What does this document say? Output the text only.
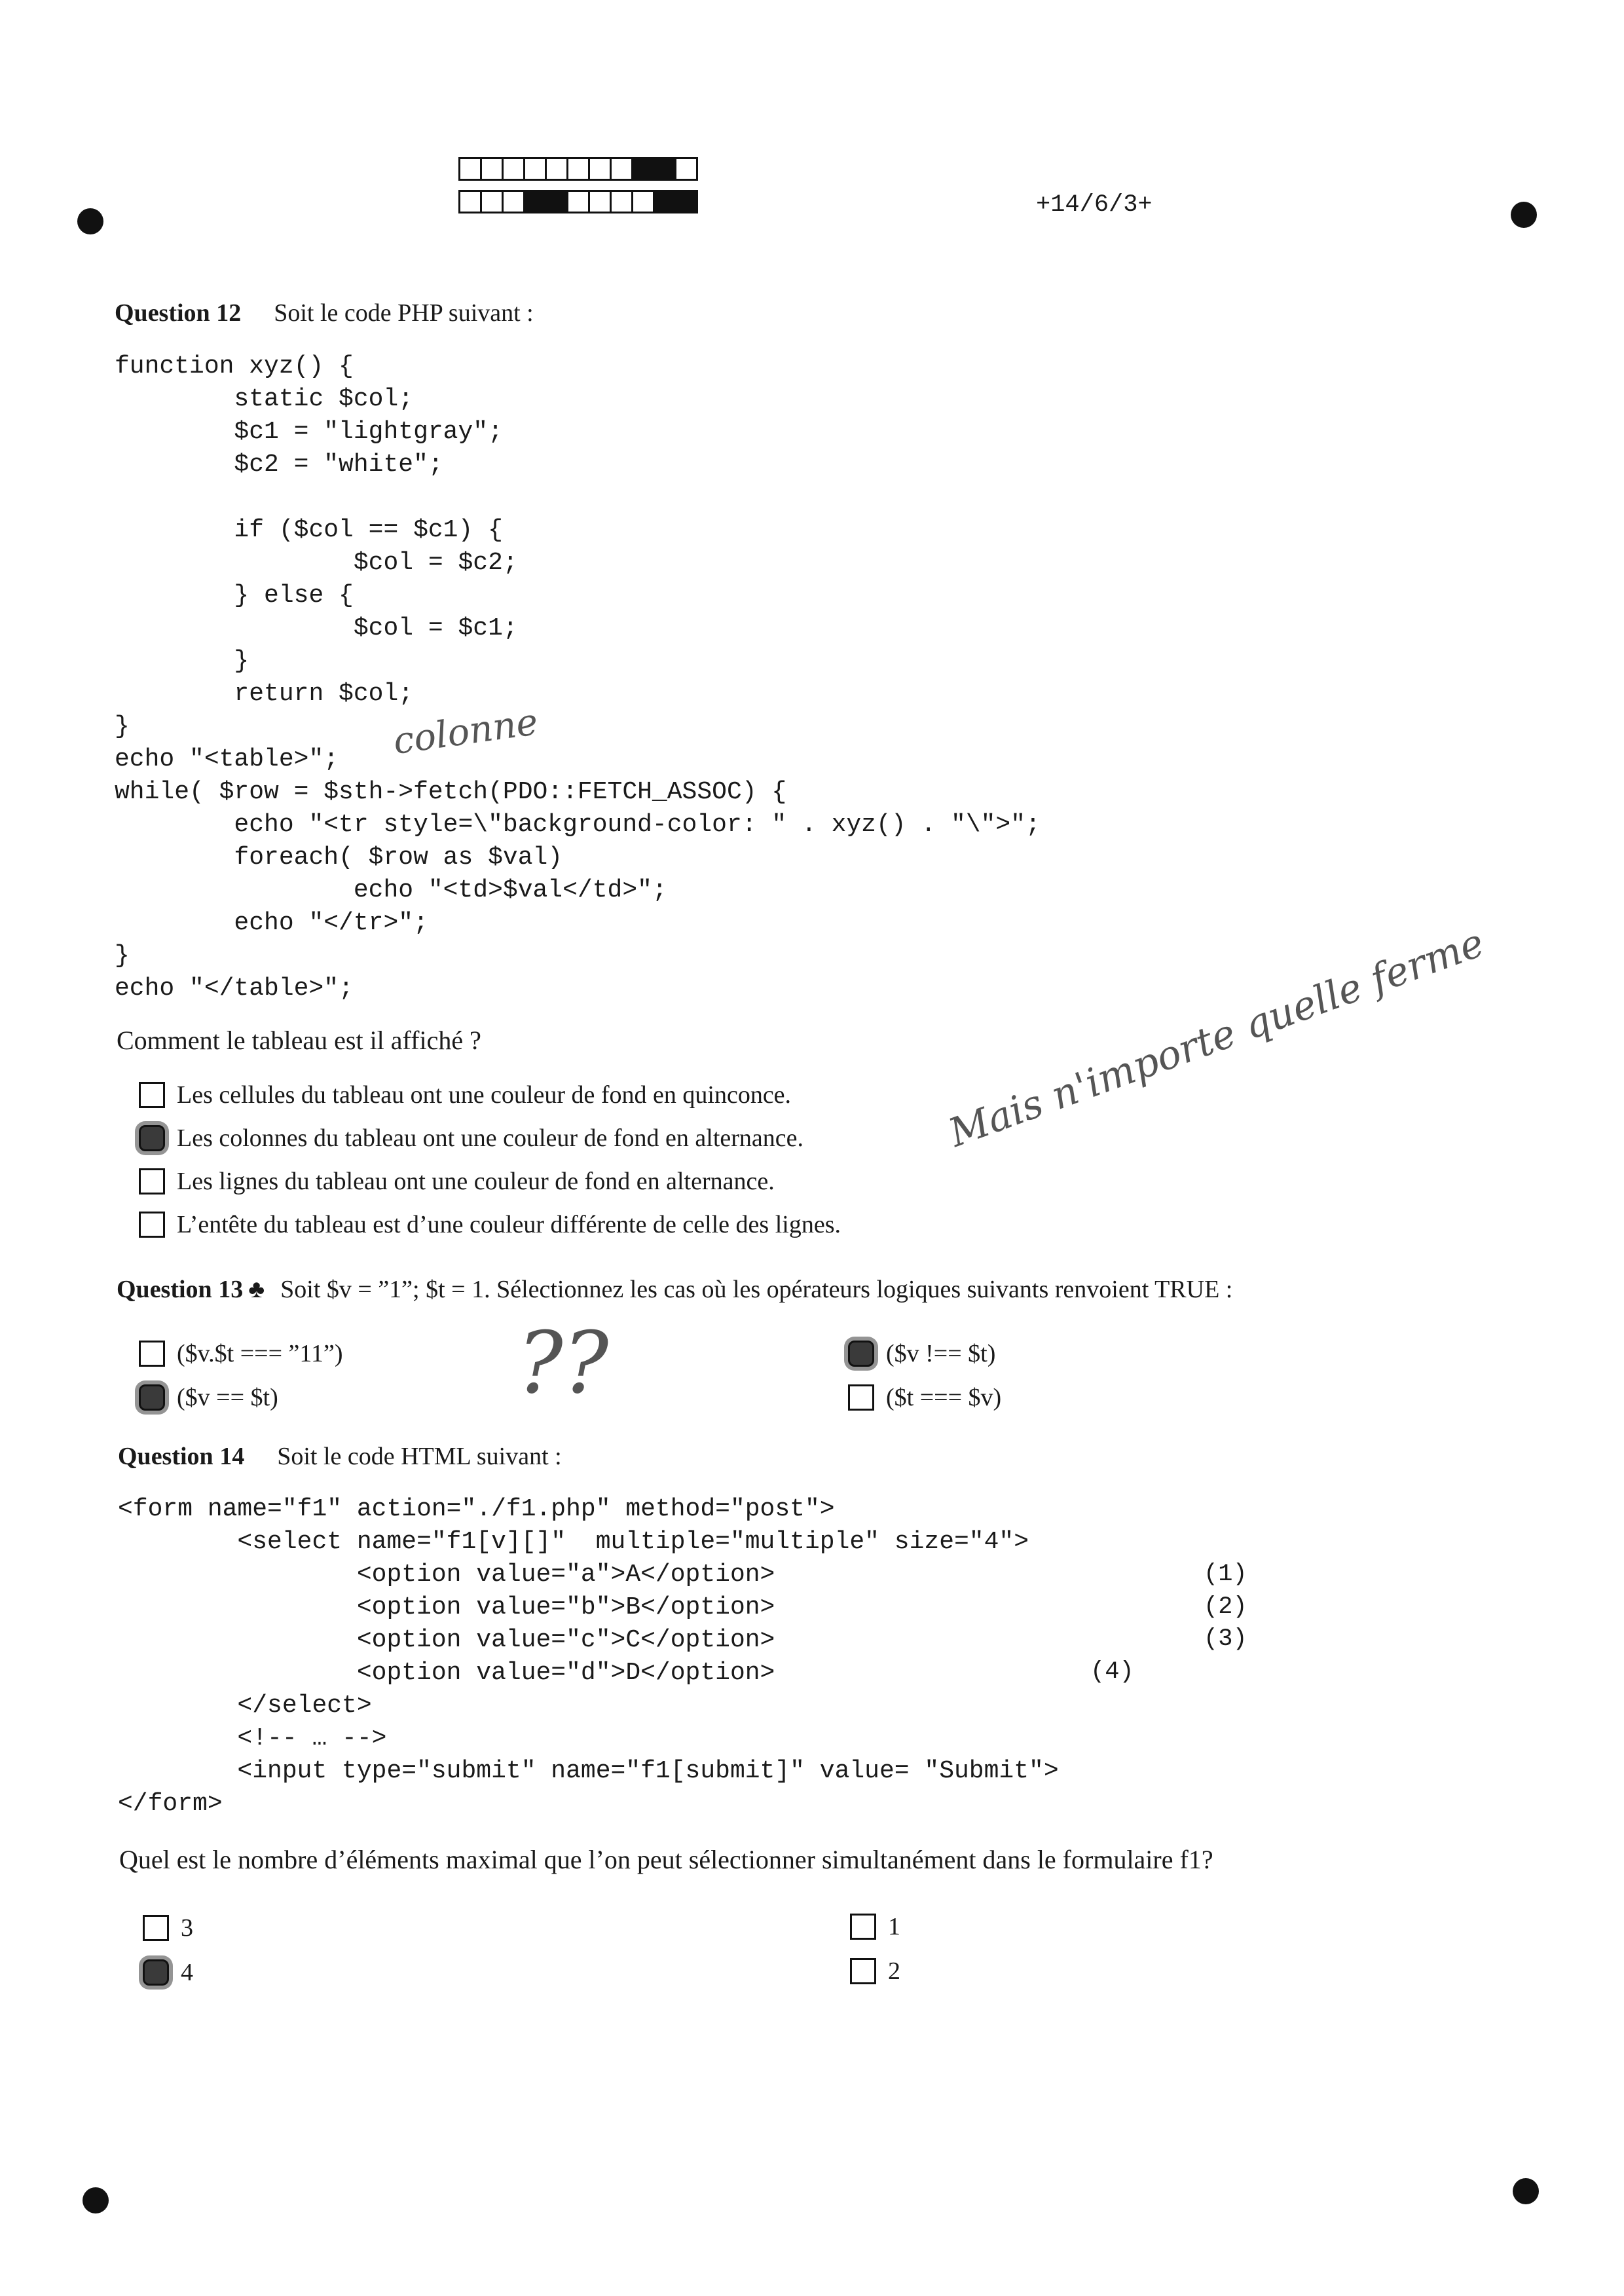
+14/6/3+
Question 12 Soit le code PHP suivant :
function xyz() {
static $col;
$c1 = "lightgray";
$c2 = "white";

if ($col == $c1) {
$col = $c2;
} else {
$col = $c1;
}
return $col;
}
echo "<table>";
while( $row = $sth->fetch(PDO::FETCH_ASSOC) {
echo "<tr style=\"background-color: " . xyz() . "\">";
foreach( $row as $val)
echo "<td>$val</td>";
echo "</tr>";
}
echo "</table>";
colonne
Mais n'importe quelle ferme
Comment le tableau est il affiché ?
Les cellules du tableau ont une couleur de fond en quinconce.
Les colonnes du tableau ont une couleur de fond en alternance.
Les lignes du tableau ont une couleur de fond en alternance.
L’entête du tableau est d’une couleur différente de celle des lignes.
Question 13 ♣ Soit $v = ”1”; $t = 1. Sélectionnez les cas où les opérateurs logiques suivants renvoient TRUE :
($v.$t === ”11”) ??
($v == $t)
($v !== $t)
($t === $v)
Question 14 Soit le code HTML suivant :
<form name="f1" action="./f1.php" method="post">
<select name="f1[v][]"  multiple="multiple" size="4">
<option value="a">A</option>
<option value="b">B</option>
<option value="c">C</option>
<option value="d">D</option>
</select>
<!-- … -->
<input type="submit" name="f1[submit]" value= "Submit">
</form>
(1)
(2)
(3)
(4)
Quel est le nombre d’éléments maximal que l’on peut sélectionner simultanément dans le formulaire f1?
3
4
1
2
